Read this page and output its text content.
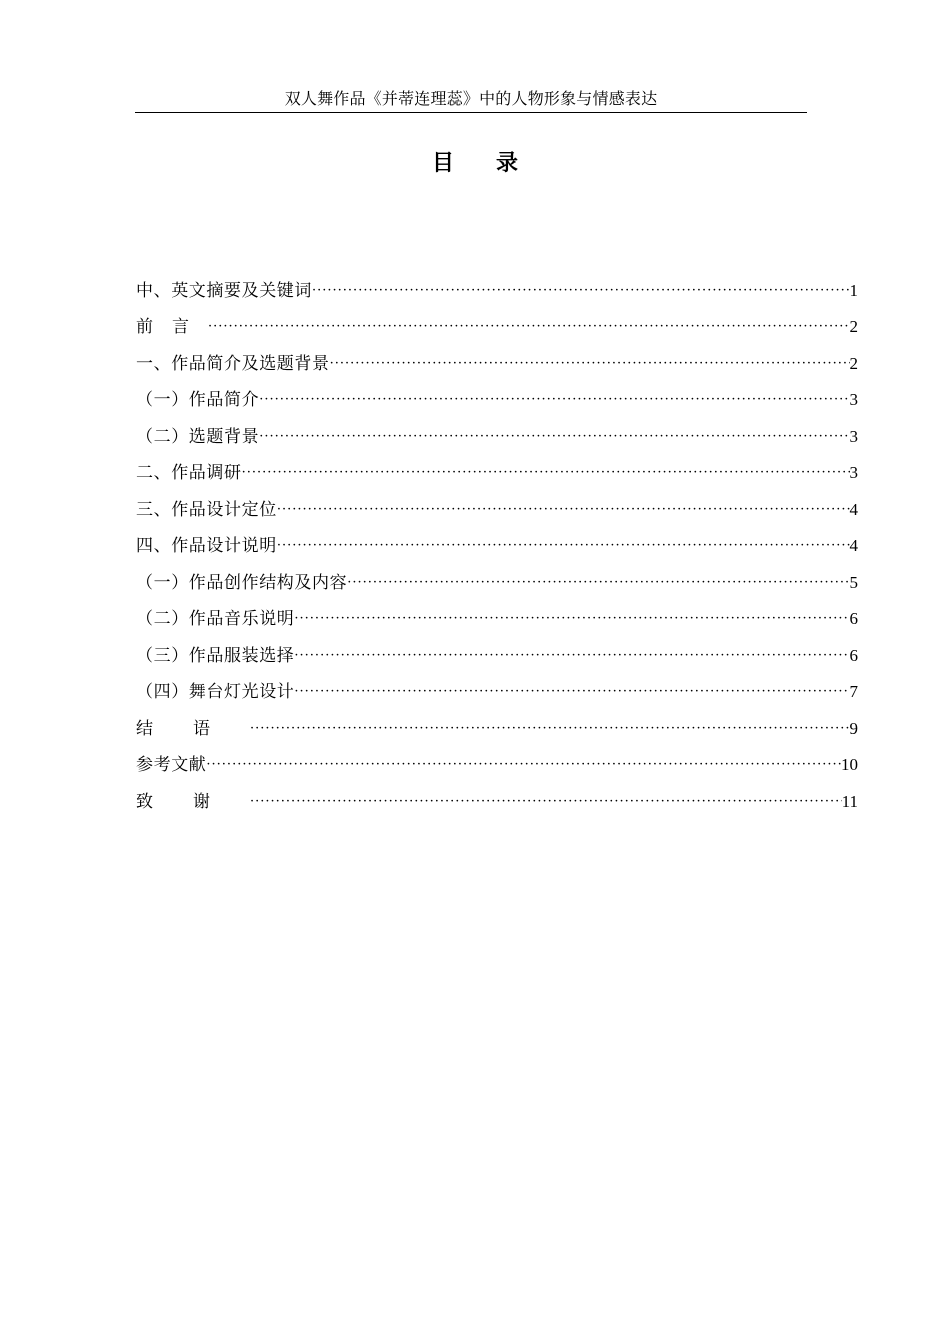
双人舞作品《并蒂连理蕊》中的人物形象与情感表达
目 录
中、英文摘要及关键词 ·····	1
前言 ·····	2
一、作品简介及选题背景 ·····	2
（一）作品简介 ·····	3
（二）选题背景 ·····	3
二、作品调研 ·····	3
三、作品设计定位 ·····	4
四、作品设计说明 ·····	4
（一）作品创作结构及内容 ·····	5
（二）作品音乐说明 ·····	6
（三）作品服装选择 ·····	6
（四）舞台灯光设计 ·····	7
结语 ·····	9
参考文献 ·····	10
致谢 ·····	11
